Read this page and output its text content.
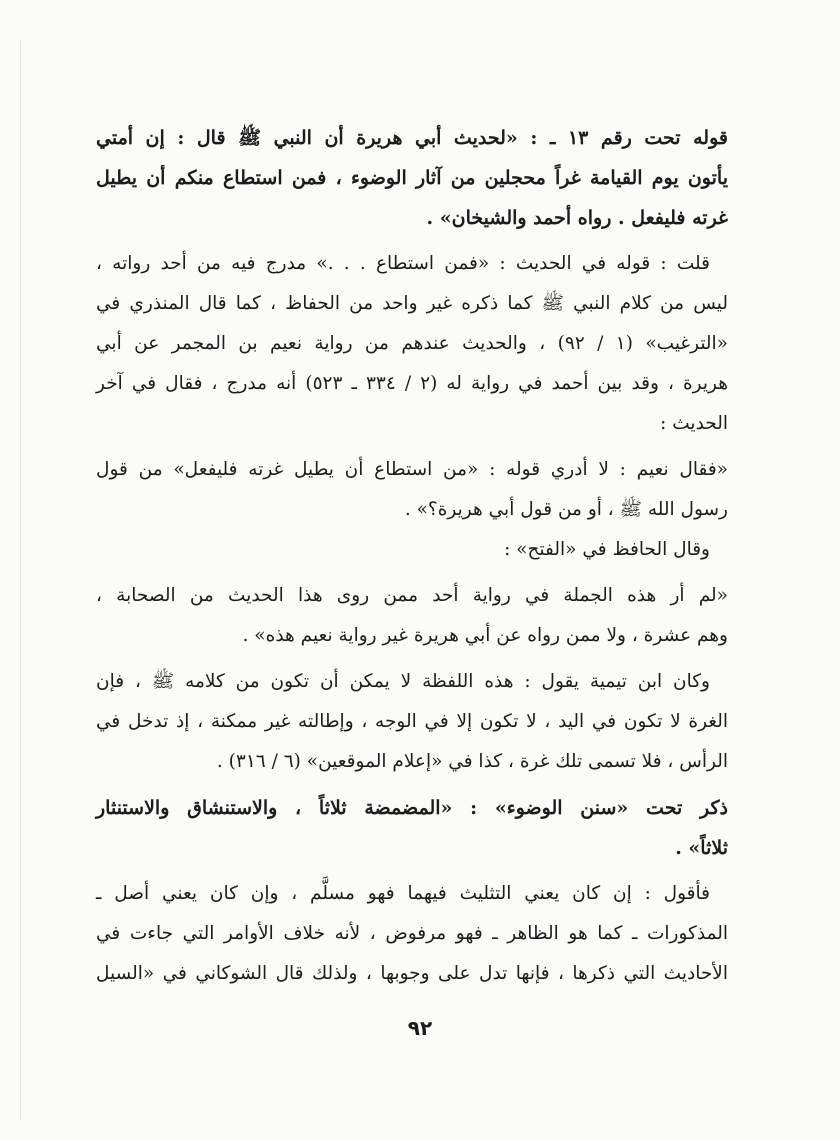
قوله تحت رقم ١٣ ـ : «لحديث أبي هريرة أن النبي ﷺ قال : إن أمتي
يأتون يوم القيامة غراً محجلين من آثار الوضوء ، فمن استطاع منكم أن يطيل
غرته فليفعل . رواه أحمد والشيخان» .

قلت : قوله في الحديث : «فمن استطاع . . .» مدرج فيه من أحد رواته ،
ليس من كلام النبي ﷺ كما ذكره غير واحد من الحفاظ ، كما قال المنذري في
«الترغيب» (١ / ٩٢) ، والحديث عندهم من رواية نعيم بن المجمر عن أبي
هريرة ، وقد بين أحمد في رواية له (٢ / ٣٣٤ ـ ٥٢٣) أنه مدرج ، فقال في آخر
الحديث :

«فقال نعيم : لا أدري قوله : «من استطاع أن يطيل غرته فليفعل» من قول
رسول الله ﷺ ، أو من قول أبي هريرة؟» .

وقال الحافظ في «الفتح» :

«لم أر هذه الجملة في رواية أحد ممن روى هذا الحديث من الصحابة ،
وهم عشرة ، ولا ممن رواه عن أبي هريرة غير رواية نعيم هذه» .

وكان ابن تيمية يقول : هذه اللفظة لا يمكن أن تكون من كلامه ﷺ ، فإن
الغرة لا تكون في اليد ، لا تكون إلا في الوجه ، وإطالته غير ممكنة ، إذ تدخل في
الرأس ، فلا تسمى تلك غرة ، كذا في «إعلام الموقعين» (٦ / ٣١٦) .

ذكر تحت «سنن الوضوء» : «المضمضة ثلاثاً ، والاستنشاق والاستنثار
ثلاثاً» .

فأقول : إن كان يعني التثليث فيهما فهو مسلَّم ، وإن كان يعني أصل ـ
المذكورات ـ كما هو الظاهر ـ فهو مرفوض ، لأنه خلاف الأوامر التي جاءت في
الأحاديث التي ذكرها ، فإنها تدل على وجوبها ، ولذلك قال الشوكاني في «السيل

٩٢
